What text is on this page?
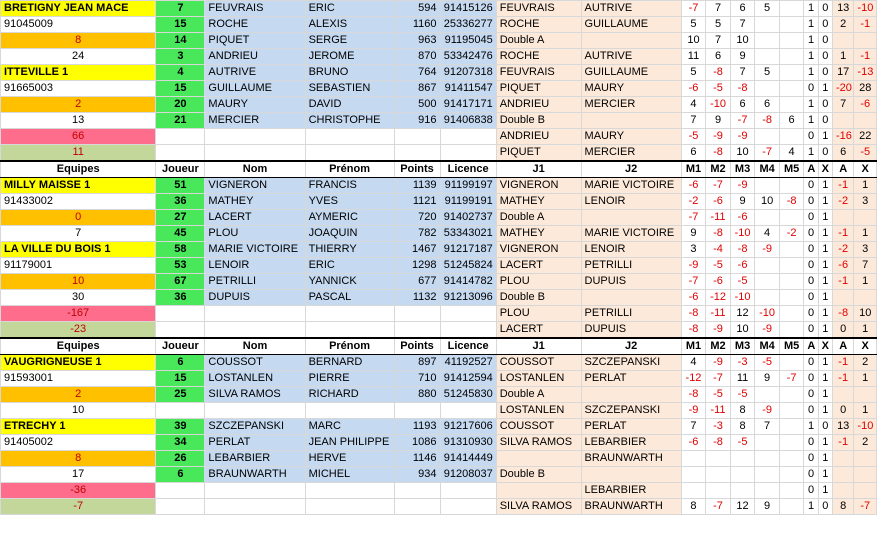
BRETIGNY JEAN MACE	7	FEUVRAIS	ERIC	594	91415126	FEUVRAIS	AUTRIVE	-7	7	6	5		1	0	13	-10
91045009	15	ROCHE	ALEXIS	1160	25336277	ROCHE	GUILLAUME	5	5	7			1	0	2	-1
8	14	PIQUET	SERGE	963	91195045	Double A		10	7	10			1	0		
24	3	ANDRIEU	JEROME	870	53342476	ROCHE	AUTRIVE	11	6	9			1	0	1	-1
ITTEVILLE 1	4	AUTRIVE	BRUNO	764	91207318	FEUVRAIS	GUILLAUME	5	-8	7	5		1	0	17	-13
91665003	15	GUILLAUME	SEBASTIEN	867	91411547	PIQUET	MAURY	-6	-5	-8			0	1	-20	28
2	20	MAURY	DAVID	500	91417171	ANDRIEU	MERCIER	4	-10	6	6		1	0	7	-6
13	21	MERCIER	CHRISTOPHE	916	91406838	Double B		7	9	-7	-8	6	1	0		
66						ANDRIEU	MAURY	-5	-9	-9			0	1	-16	22
11						PIQUET	MERCIER	6	-8	10	-7	4	1	0	6	-5
Equipes	Joueur	Nom	Prénom	Points	Licence	J1	J2	M1	M2	M3	M4	M5	A	X	A	X
MILLY MAISSE 1	51	VIGNERON	FRANCIS	1139	91199197	VIGNERON	MARIE VICTOIRE	-6	-7	-9			0	1	-1	1
91433002	36	MATHEY	YVES	1121	91199191	MATHEY	LENOIR	-2	-6	9	10	-8	0	1	-2	3
0	27	LACERT	AYMERIC	720	91402737	Double A		-7	-11	-6			0	1		
7	45	PLOU	JOAQUIN	782	53343021	MATHEY	MARIE VICTOIRE	9	-8	-10	4	-2	0	1	-1	1
LA VILLE DU BOIS 1	58	MARIE VICTOIRE	THIERRY	1467	91217187	VIGNERON	LENOIR	3	-4	-8	-9		0	1	-2	3
91179001	53	LENOIR	ERIC	1298	51245824	LACERT	PETRILLI	-9	-5	-6			0	1	-6	7
10	67	PETRILLI	YANNICK	677	91414782	PLOU	DUPUIS	-7	-6	-5			0	1	-1	1
30	36	DUPUIS	PASCAL	1132	91213096	Double B		-6	-12	-10			0	1		
-167						PLOU	PETRILLI	-8	-11	12	-10		0	1	-8	10
-23						LACERT	DUPUIS	-8	-9	10	-9		0	1	0	1
Equipes	Joueur	Nom	Prénom	Points	Licence	J1	J2	M1	M2	M3	M4	M5	A	X	A	X
VAUGRIGNEUSE 1	6	COUSSOT	BERNARD	897	41192527	COUSSOT	SZCZEPANSKI	4	-9	-3	-5		0	1	-1	2
91593001	15	LOSTANLEN	PIERRE	710	91412594	LOSTANLEN	PERLAT	-12	-7	11	9	-7	0	1	-1	1
2	25	SILVA RAMOS	RICHARD	880	51245830	Double A		-8	-5	-5			0	1		
10						LOSTANLEN	SZCZEPANSKI	-9	-11	8	-9		0	1	0	1
ETRECHY 1	39	SZCZEPANSKI	MARC	1193	91217606	COUSSOT	PERLAT	7	-3	8	7		1	0	13	-10
91405002	34	PERLAT	JEAN PHILIPPE	1086	91310930	SILVA RAMOS	LEBARBIER	-6	-8	-5			0	1	-1	2
8	26	LEBARBIER	HERVE	1146	91414449		BRAUNWARTH						0	1		
17	6	BRAUNWARTH	MICHEL	934	91208037	Double B							0	1		
-36							LEBARBIER						0	1		
-7						SILVA RAMOS	BRAUNWARTH	8	-7	12	9		1	0	8	-7
